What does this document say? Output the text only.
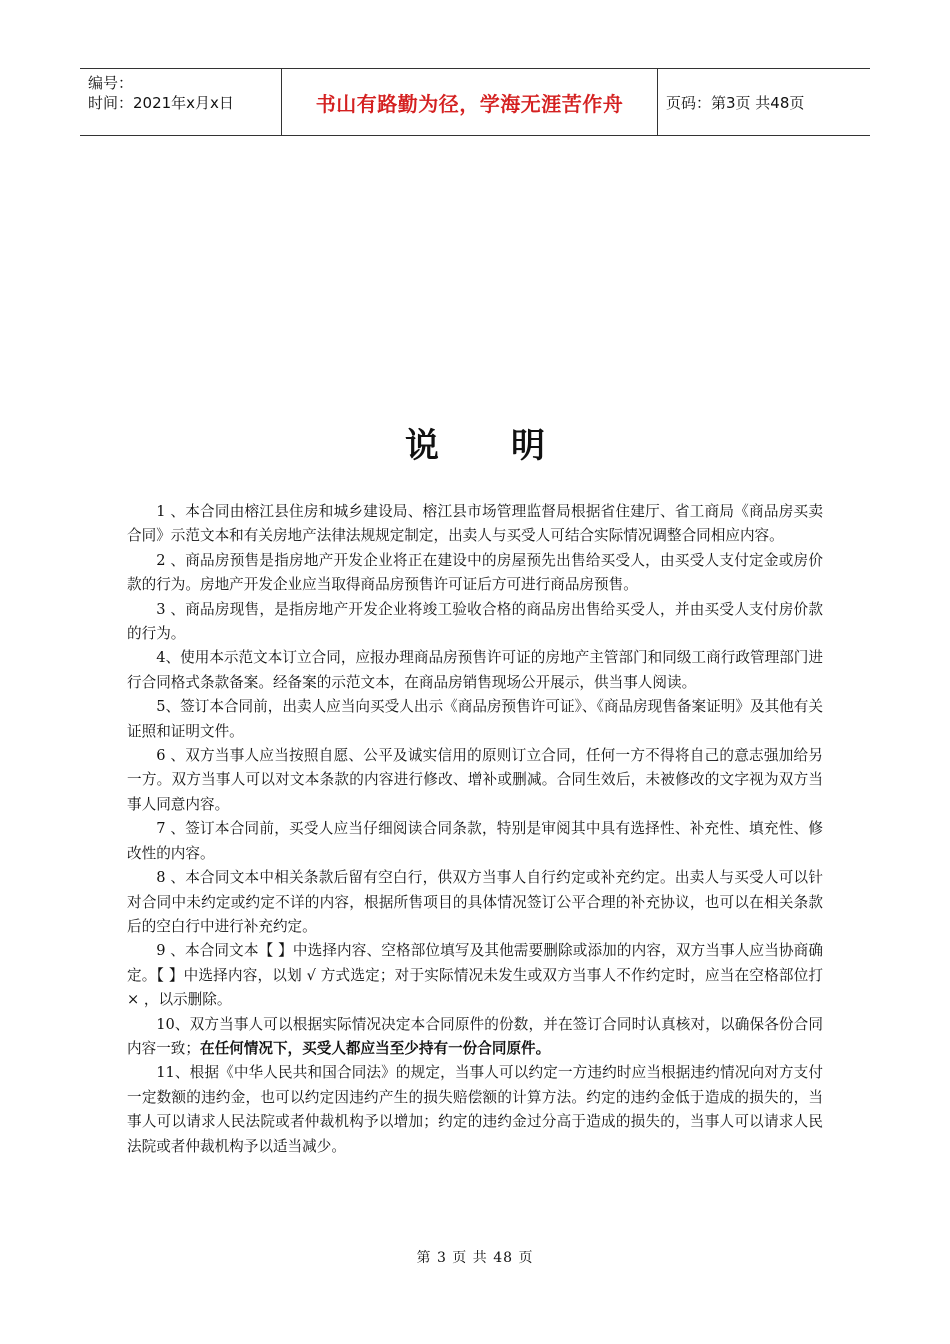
编号：
时间：2021年x月x日	书山有路勤为径，学海无涯苦作舟	页码：第3页 共48页
说明

1 、本合同由榕江县住房和城乡建设局、榕江县市场管理监督局根据省住建厅、省工商局《商品房买卖合同》示范文本和有关房地产法律法规规定制定，出卖人与买受人可结合实际情况调整合同相应内容。

2 、商品房预售是指房地产开发企业将正在建设中的房屋预先出售给买受人，由买受人支付定金或房价款的行为。房地产开发企业应当取得商品房预售许可证后方可进行商品房预售。

3 、商品房现售，是指房地产开发企业将竣工验收合格的商品房出售给买受人，并由买受人支付房价款的行为。

4、使用本示范文本订立合同，应报办理商品房预售许可证的房地产主管部门和同级工商行政管理部门进行合同格式条款备案。经备案的示范文本，在商品房销售现场公开展示，供当事人阅读。

5、签订本合同前，出卖人应当向买受人出示《商品房预售许可证》、《商品房现售备案证明》及其他有关证照和证明文件。

6 、双方当事人应当按照自愿、公平及诚实信用的原则订立合同，任何一方不得将自己的意志强加给另一方。双方当事人可以对文本条款的内容进行修改、增补或删减。合同生效后，未被修改的文字视为双方当事人同意内容。

7 、签订本合同前，买受人应当仔细阅读合同条款，特别是审阅其中具有选择性、补充性、填充性、修改性的内容。

8 、本合同文本中相关条款后留有空白行，供双方当事人自行约定或补充约定。出卖人与买受人可以针对合同中未约定或约定不详的内容，根据所售项目的具体情况签订公平合理的补充协议，也可以在相关条款后的空白行中进行补充约定。

9 、本合同文本【 】中选择内容、空格部位填写及其他需要删除或添加的内容，双方当事人应当协商确定。【 】中选择内容，以划 √ 方式选定；对于实际情况未发生或双方当事人不作约定时，应当在空格部位打 × ，以示删除。

10、双方当事人可以根据实际情况决定本合同原件的份数，并在签订合同时认真核对，以确保各份合同内容一致；在任何情况下，买受人都应当至少持有一份合同原件。

11、根据《中华人民共和国合同法》的规定，当事人可以约定一方违约时应当根据违约情况向对方支付一定数额的违约金，也可以约定因违约产生的损失赔偿额的计算方法。约定的违约金低于造成的损失的，当事人可以请求人民法院或者仲裁机构予以增加；约定的违约金过分高于造成的损失的，当事人可以请求人民法院或者仲裁机构予以适当减少。

第 3 页 共 48 页
